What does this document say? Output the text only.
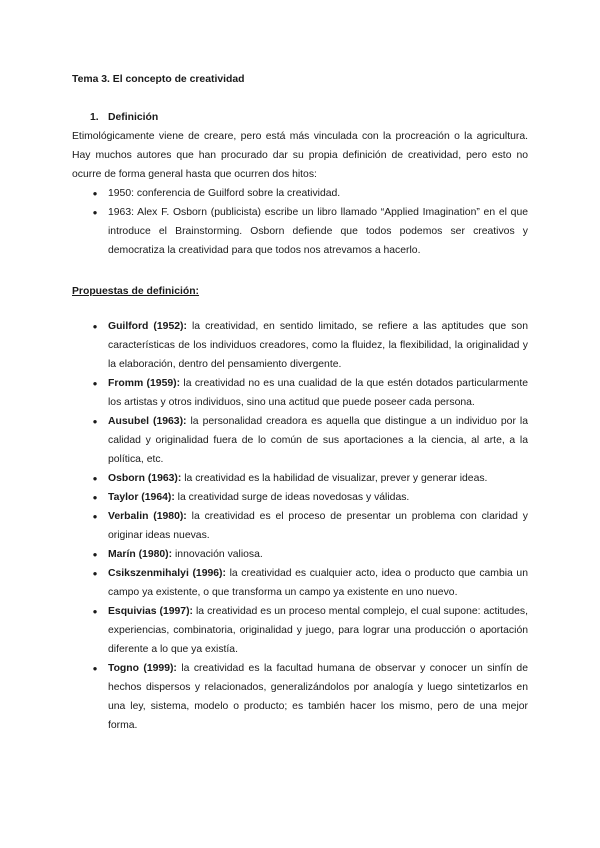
Tema 3. El concepto de creatividad

1. Definición

Etimológicamente viene de creare, pero está más vinculada con la procreación o la agricultura. Hay muchos autores que han procurado dar su propia definición de creatividad, pero esto no ocurre de forma general hasta que ocurren dos hitos:

● 1950: conferencia de Guilford sobre la creatividad.
● 1963: Alex F. Osborn (publicista) escribe un libro llamado “Applied Imagination” en el que introduce el Brainstorming. Osborn defiende que todos podemos ser creativos y democratiza la creatividad para que todos nos atrevamos a hacerlo.

Propuestas de definición:

● Guilford (1952): la creatividad, en sentido limitado, se refiere a las aptitudes que son características de los individuos creadores, como la fluidez, la flexibilidad, la originalidad y la elaboración, dentro del pensamiento divergente.
● Fromm (1959): la creatividad no es una cualidad de la que estén dotados particularmente los artistas y otros individuos, sino una actitud que puede poseer cada persona.
● Ausubel (1963): la personalidad creadora es aquella que distingue a un individuo por la calidad y originalidad fuera de lo común de sus aportaciones a la ciencia, al arte, a la política, etc.
● Osborn (1963): la creatividad es la habilidad de visualizar, prever y generar ideas.
● Taylor (1964): la creatividad surge de ideas novedosas y válidas.
● Verbalin (1980): la creatividad es el proceso de presentar un problema con claridad y originar ideas nuevas.
● Marín (1980): innovación valiosa.
● Csikszenmihalyi (1996): la creatividad es cualquier acto, idea o producto que cambia un campo ya existente, o que transforma un campo ya existente en uno nuevo.
● Esquivias (1997): la creatividad es un proceso mental complejo, el cual supone: actitudes, experiencias, combinatoria, originalidad y juego, para lograr una producción o aportación diferente a lo que ya existía.
● Togno (1999): la creatividad es la facultad humana de observar y conocer un sinfín de hechos dispersos y relacionados, generalizándolos por analogía y luego sintetizarlos en una ley, sistema, modelo o producto; es también hacer los mismo, pero de una mejor forma.
